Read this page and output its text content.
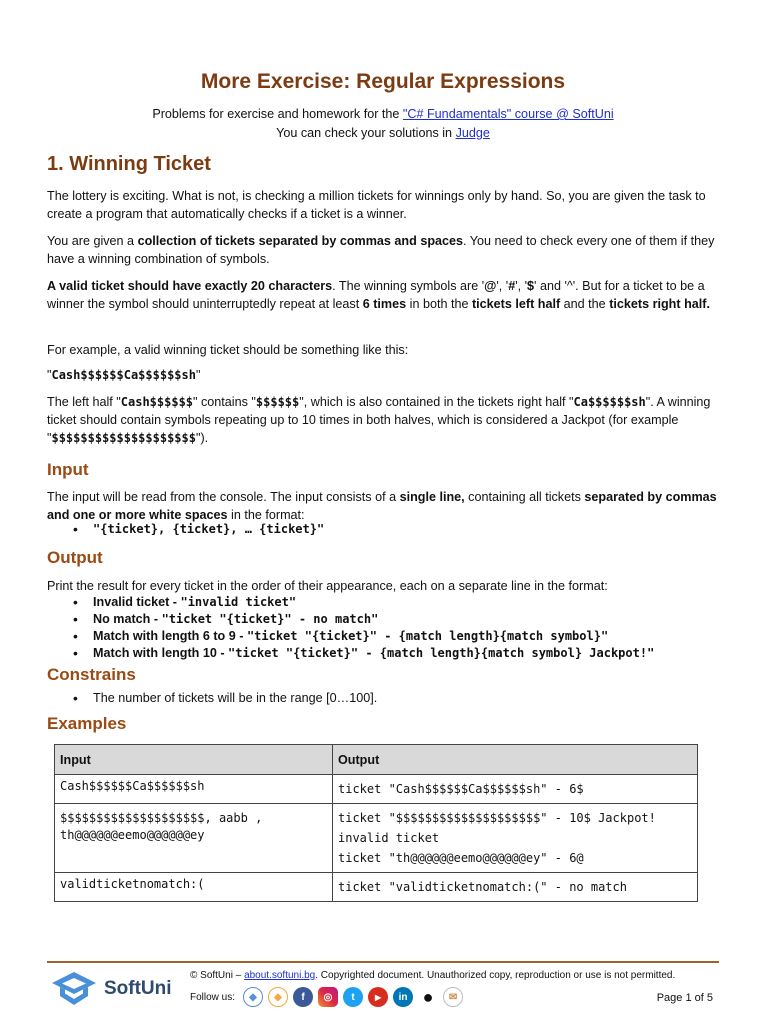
More Exercise: Regular Expressions
Problems for exercise and homework for the "C# Fundamentals" course @ SoftUni
You can check your solutions in Judge
1. Winning Ticket
The lottery is exciting. What is not, is checking a million tickets for winnings only by hand. So, you are given the task to create a program that automatically checks if a ticket is a winner.
You are given a collection of tickets separated by commas and spaces. You need to check every one of them if they have a winning combination of symbols.
A valid ticket should have exactly 20 characters. The winning symbols are '@', '#', '$' and '^'. But for a ticket to be a winner the symbol should uninterruptedly repeat at least 6 times in both the tickets left half and the tickets right half.
For example, a valid winning ticket should be something like this:
"Cash$$$$$$Ca$$$$$$sh"
The left half "Cash$$$$$$" contains "$$$$$$", which is also contained in the tickets right half "Ca$$$$$$sh". A winning ticket should contain symbols repeating up to 10 times in both halves, which is considered a Jackpot (for example "$$$$$$$$$$$$$$$$$$$$").
Input
The input will be read from the console. The input consists of a single line, containing all tickets separated by commas and one or more white spaces in the format:
• "{ticket}, {ticket}, … {ticket}"
Output
Print the result for every ticket in the order of their appearance, each on a separate line in the format:
• Invalid ticket - "invalid ticket"
• No match - "ticket "{ticket}" - no match"
• Match with length 6 to 9 - "ticket "{ticket}" - {match length}{match symbol}"
• Match with length 10 - "ticket "{ticket}" - {match length}{match symbol} Jackpot!"
Constrains
• The number of tickets will be in the range [0…100].
Examples
Input	Output

Cash$$$$$$Ca$$$$$$sh	ticket "Cash$$$$$$Ca$$$$$$sh" - 6$

$$$$$$$$$$$$$$$$$$$$, aabb ,
th@@@@@@eemo@@@@@@ey	ticket "$$$$$$$$$$$$$$$$$$$$" - 10$ Jackpot!
invalid ticket
ticket "th@@@@@@eemo@@@@@@ey" - 6@

validticketnomatch:(	ticket "validticketnomatch:(" - no match
SoftUni
© SoftUni – about.softuni.bg. Copyrighted document. Unauthorized copy, reproduction or use is not permitted.
Follow us:	◆	◆	f	◎	t	▶	in ●	✉	Page 1 of 5
